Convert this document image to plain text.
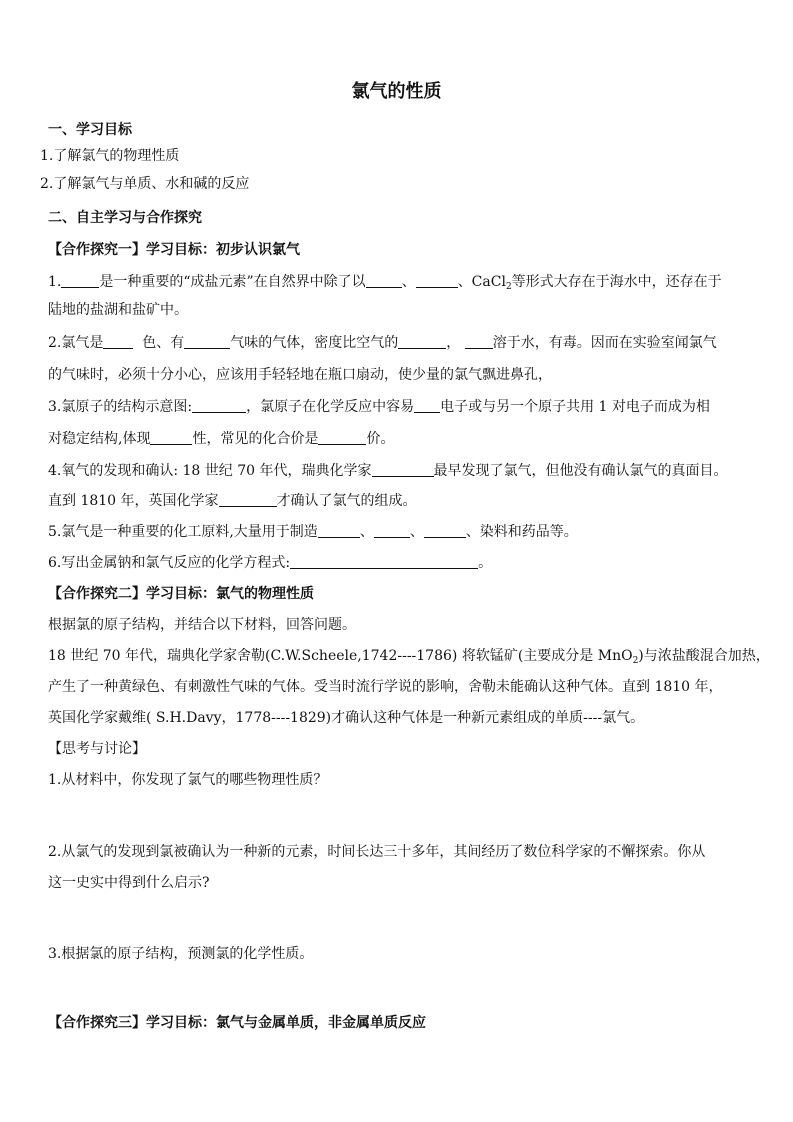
氯气的性质
一、学习目标
1.了解氯气的物理性质
2.了解氯气与单质、水和碱的反应
二、自主学习与合作探究
【合作探究一】学习目标：初步认识氯气
1.	是一种重要的“成盐元素”在自然界中除了以	、	、CaCl$_2$等形式大存在于海水中，还存在于
陆地的盐湖和盐矿中。
2.氯气是	色、有	气味的气体，密度比空气的	， 溶于水，有毒。因而在实验室闻氯气
的气味时，必须十分小心，应该用手轻轻地在瓶口扇动，使少量的氯气飘进鼻孔，
3.氯原子的结构示意图:	，氯原子在化学反应中容易 电子或与另一个原子共用 1 对电子而成为相
对稳定结构,体现	性，常见的化合价是	价。
4.氧气的发现和确认: 18 世纪 70 年代，瑞典化学家	最早发现了氯气，但他没有确认氯气的真面目。
直到 1810 年，英国化学家	才确认了氯气的组成。
5.氯气是一种重要的化工原料,大量用于制造	、	、	、染料和药品等。
6.写出金属钠和氯气反应的化学方程式:	。
【合作探究二】学习目标：氯气的物理性质
根据氯的原子结构，并结合以下材料，回答问题。
18 世纪 70 年代，瑞典化学家舍勒(C.W.Scheele,1742----1786) 将软锰矿(主要成分是 MnO$_2$)与浓盐酸混合加热，
产生了一种黄绿色、有刺激性气味的气体。受当时流行学说的影响，舍勒未能确认这种气体。直到 1810 年，
英国化学家戴维( S.H.Davy，1778----1829)才确认这种气体是一种新元素组成的单质----氯气。
【思考与讨论】
1.从材料中，你发现了氯气的哪些物理性质？
2.从氯气的发现到氯被确认为一种新的元素，时间长达三十多年，其间经历了数位科学家的不懈探索。你从
这一史实中得到什么启示?
3.根据氯的原子结构，预测氯的化学性质。
【合作探究三】学习目标：氯气与金属单质，非金属单质反应
